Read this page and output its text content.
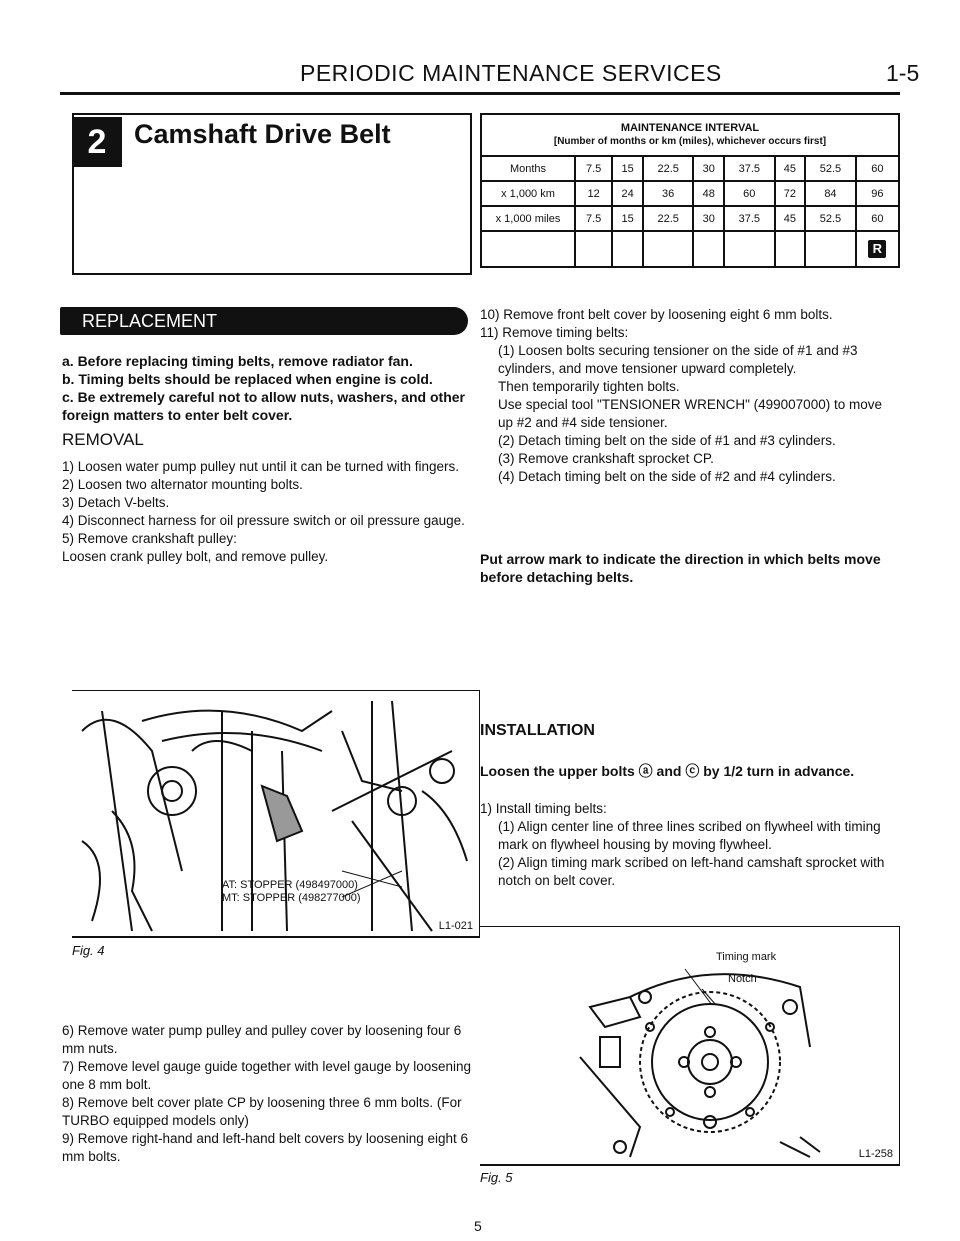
PERIODIC MAINTENANCE SERVICES	1-5
2	Camshaft Drive Belt	MAINTENANCE INTERVAL
[Number of months or km (miles), whichever occurs first]								

Months	7.5	15	22.5	30	37.5	45	52.5	60
x 1,000 km	12	24	36	48	60	72	84	96
x 1,000 miles	7.5	15	22.5	30	37.5	45	52.5	60
								R
REPLACEMENT

a. Before replacing timing belts, remove radiator fan.

b. Timing belts should be replaced when engine is cold.

c. Be extremely careful not to allow nuts, washers, and other foreign matters to enter belt cover.

REMOVAL

1) Loosen water pump pulley nut until it can be turned with fingers.

2) Loosen two alternator mounting bolts.

3) Detach V-belts.

4) Disconnect harness for oil pressure switch or oil pressure gauge.

5) Remove crankshaft pulley:

Loosen crank pulley bolt, and remove pulley.

AT: STOPPER (498497000)
MT: STOPPER (498277000)
L1-021
Fig. 4

6) Remove water pump pulley and pulley cover by loosening four 6 mm nuts.

7) Remove level gauge guide together with level gauge by loosening one 8 mm bolt.

8) Remove belt cover plate CP by loosening three 6 mm bolts. (For TURBO equipped models only)

9) Remove right-hand and left-hand belt covers by loosening eight 6 mm bolts.

10) Remove front belt cover by loosening eight 6 mm bolts.

11) Remove timing belts:

(1) Loosen bolts securing tensioner on the side of #1 and #3 cylinders, and move tensioner upward completely.

Then temporarily tighten bolts.

Use special tool "TENSIONER WRENCH" (499007000) to move up #2 and #4 side tensioner.

(2) Detach timing belt on the side of #1 and #3 cylinders.

(3) Remove crankshaft sprocket CP.

(4) Detach timing belt on the side of #2 and #4 cylinders.

Put arrow mark to indicate the direction in which belts move before detaching belts.
INSTALLATION
Loosen the upper bolts ⓐ and ⓒ by 1/2 turn in advance.

1) Install timing belts:

(1) Align center line of three lines scribed on flywheel with timing mark on flywheel housing by moving flywheel.

(2) Align timing mark scribed on left-hand camshaft sprocket with notch on belt cover.

Timing mark
Notch
L1-258
Fig. 5
5
